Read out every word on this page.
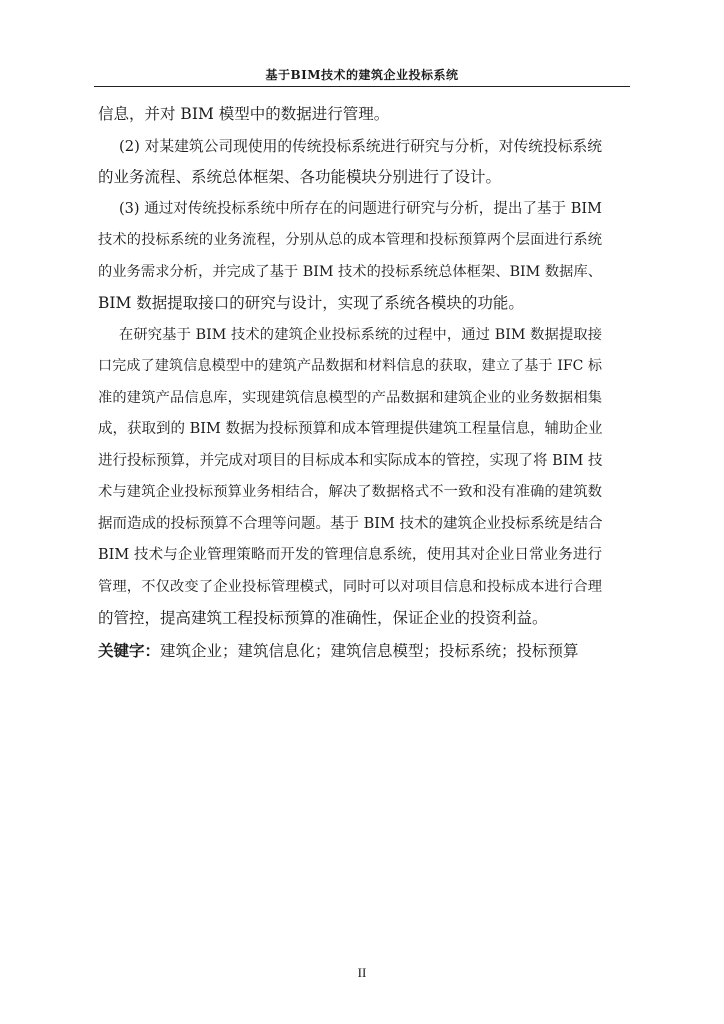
基于BIM技术的建筑企业投标系统
信息，并对 BIM 模型中的数据进行管理。
(2) 对某建筑公司现使用的传统投标系统进行研究与分析，对传统投标系统
的业务流程、系统总体框架、各功能模块分别进行了设计。
(3) 通过对传统投标系统中所存在的问题进行研究与分析，提出了基于 BIM
技术的投标系统的业务流程，分别从总的成本管理和投标预算两个层面进行系统
的业务需求分析，并完成了基于 BIM 技术的投标系统总体框架、BIM 数据库、
BIM 数据提取接口的研究与设计，实现了系统各模块的功能。
在研究基于 BIM 技术的建筑企业投标系统的过程中，通过 BIM 数据提取接
口完成了建筑信息模型中的建筑产品数据和材料信息的获取，建立了基于 IFC 标
准的建筑产品信息库，实现建筑信息模型的产品数据和建筑企业的业务数据相集
成，获取到的 BIM 数据为投标预算和成本管理提供建筑工程量信息，辅助企业
进行投标预算，并完成对项目的目标成本和实际成本的管控，实现了将 BIM 技
术与建筑企业投标预算业务相结合，解决了数据格式不一致和没有准确的建筑数
据而造成的投标预算不合理等问题。基于 BIM 技术的建筑企业投标系统是结合
BIM 技术与企业管理策略而开发的管理信息系统，使用其对企业日常业务进行
管理，不仅改变了企业投标管理模式，同时可以对项目信息和投标成本进行合理
的管控，提高建筑工程投标预算的准确性，保证企业的投资利益。
关键字：建筑企业；建筑信息化；建筑信息模型；投标系统；投标预算
II
